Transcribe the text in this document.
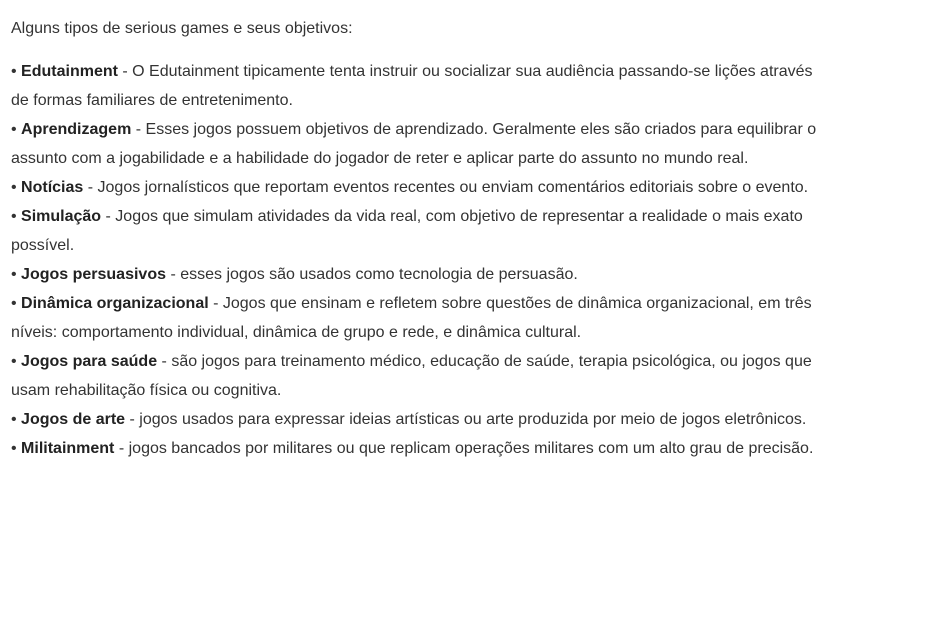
Alguns tipos de serious games e seus objetivos:

• Edutainment - O Edutainment tipicamente tenta instruir ou socializar sua audiência passando-se lições através de formas familiares de entretenimento.

• Aprendizagem - Esses jogos possuem objetivos de aprendizado. Geralmente eles são criados para equilibrar o assunto com a jogabilidade e a habilidade do jogador de reter e aplicar parte do assunto no mundo real.

• Notícias - Jogos jornalísticos que reportam eventos recentes ou enviam comentários editoriais sobre o evento.

• Simulação - Jogos que simulam atividades da vida real, com objetivo de representar a realidade o mais exato possível.

• Jogos persuasivos - esses jogos são usados como tecnologia de persuasão.

• Dinâmica organizacional - Jogos que ensinam e refletem sobre questões de dinâmica organizacional, em três níveis: comportamento individual, dinâmica de grupo e rede, e dinâmica cultural.

• Jogos para saúde - são jogos para treinamento médico, educação de saúde, terapia psicológica, ou jogos que usam rehabilitação física ou cognitiva.

• Jogos de arte - jogos usados para expressar ideias artísticas ou arte produzida por meio de jogos eletrônicos.

• Militainment - jogos bancados por militares ou que replicam operações militares com um alto grau de precisão.
